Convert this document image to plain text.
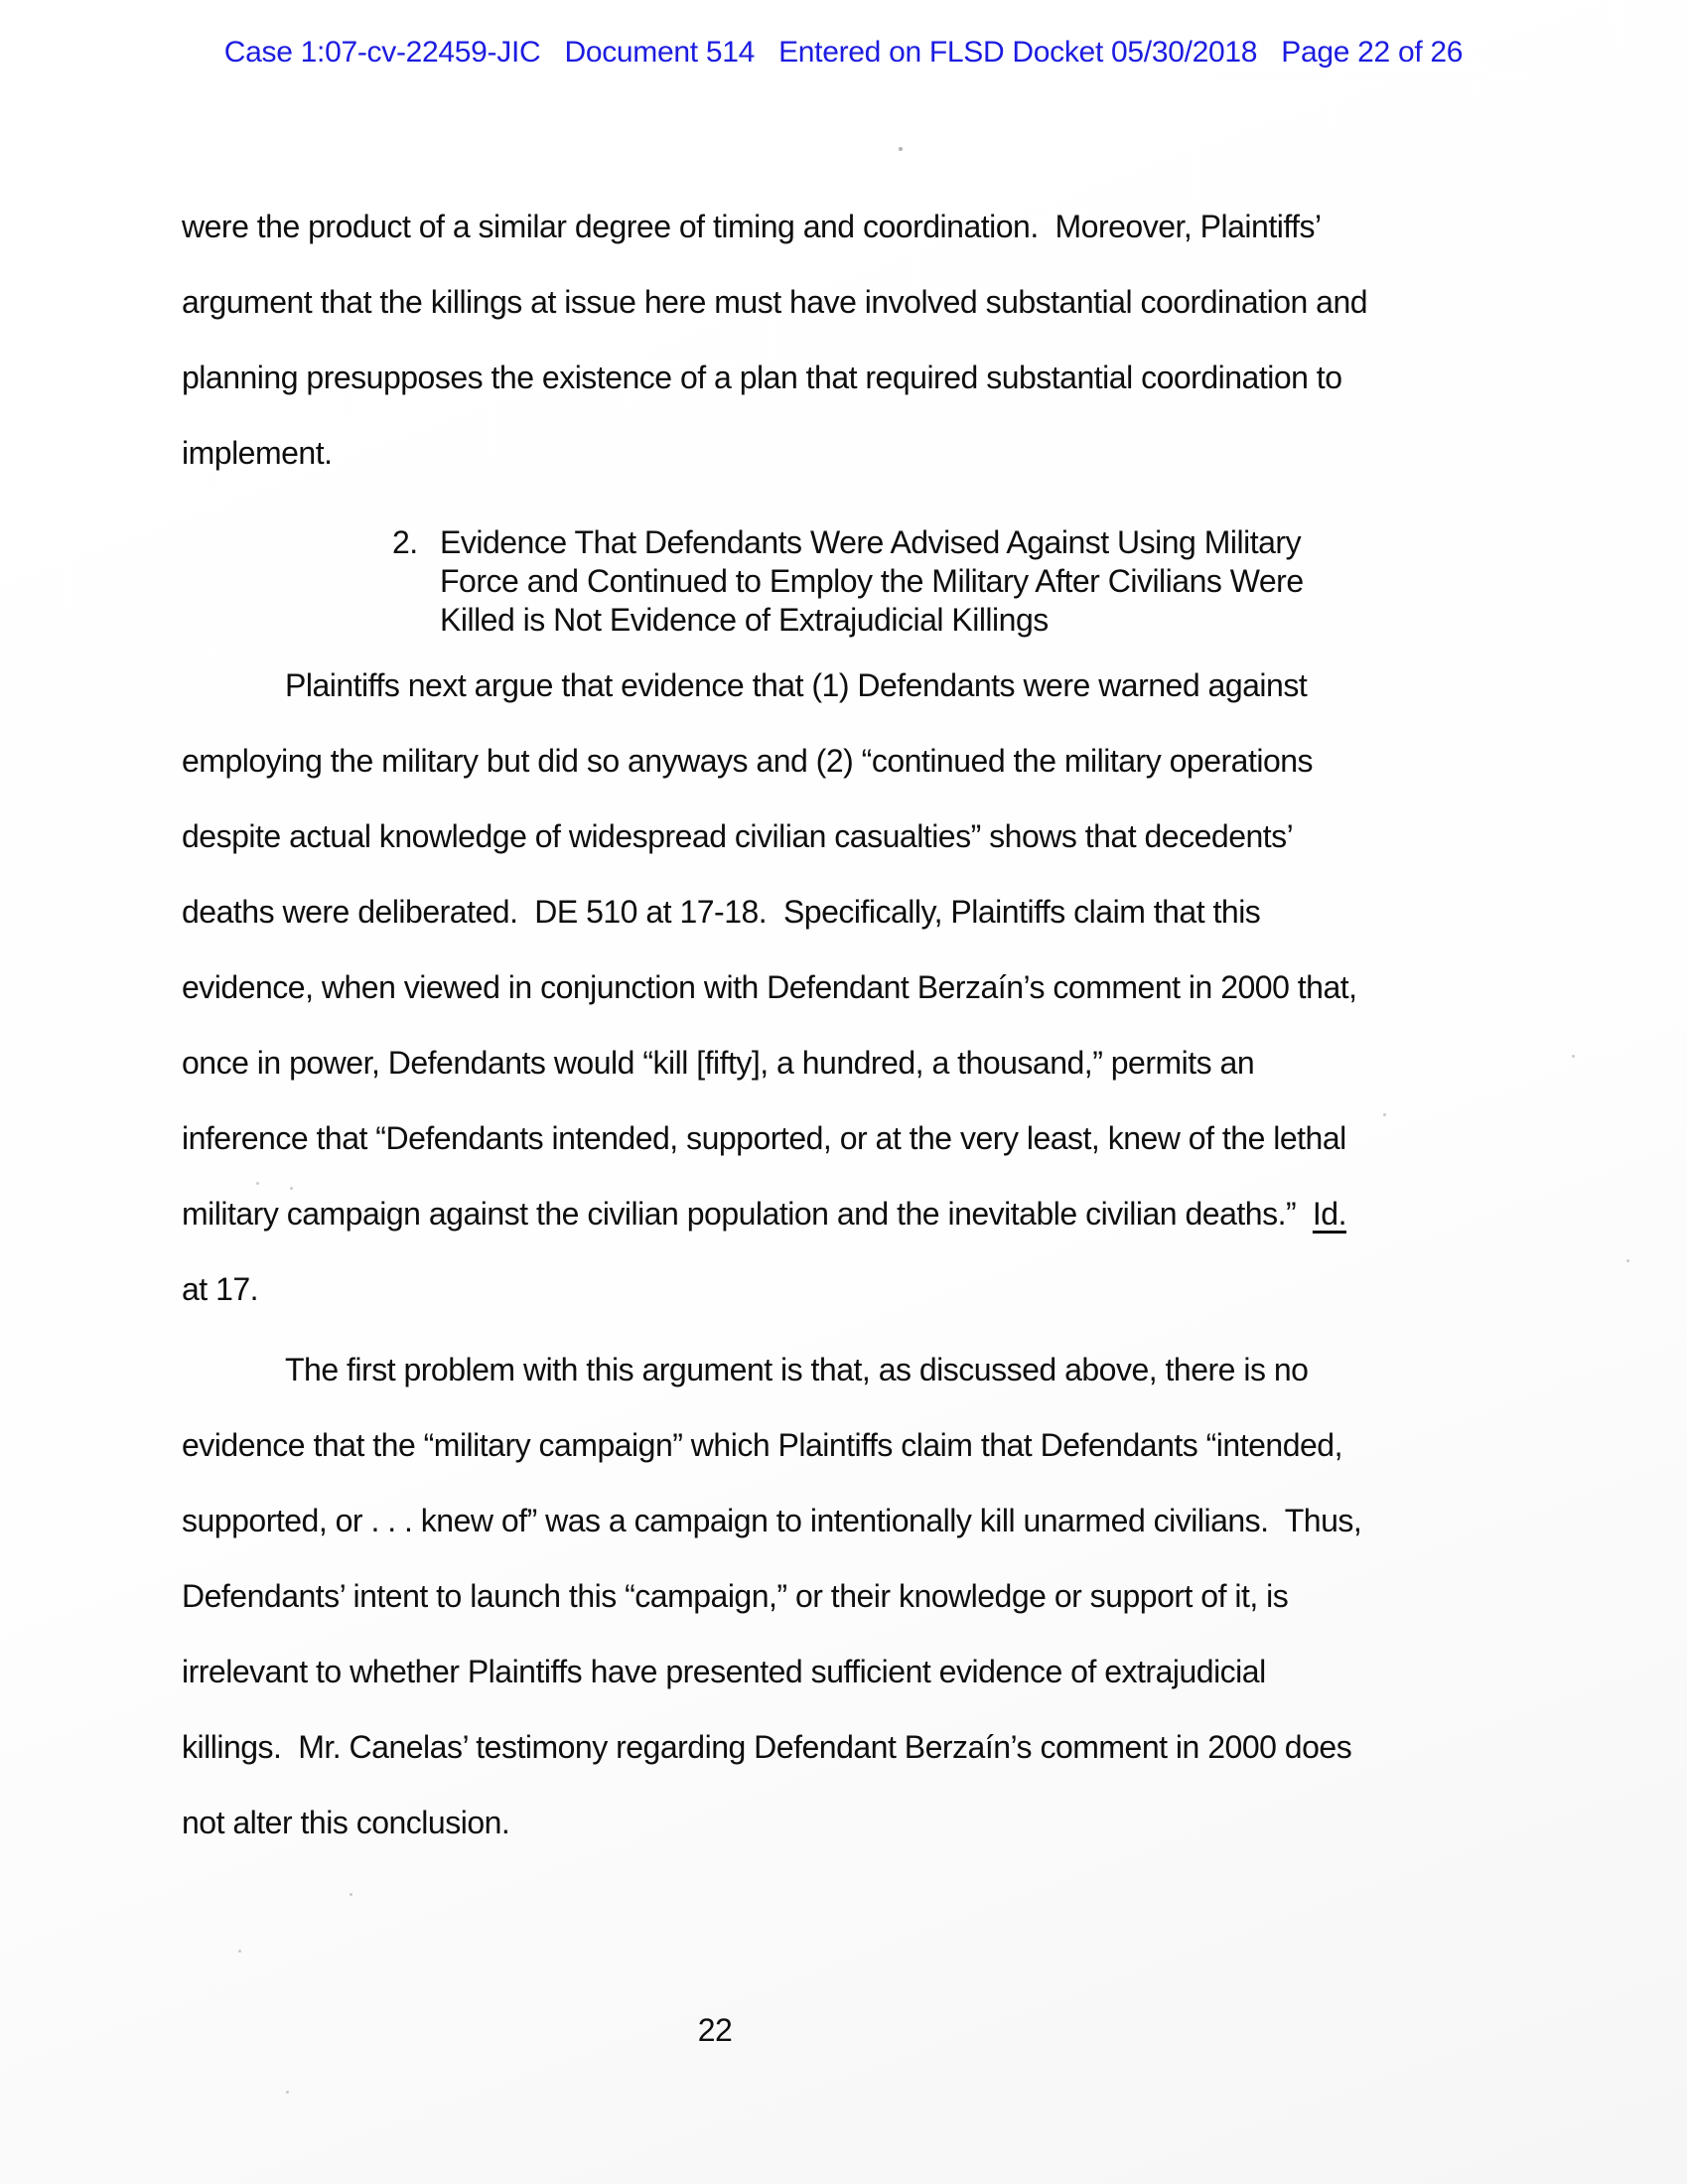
Case 1:07-cv-22459-JIC   Document 514   Entered on FLSD Docket 05/30/2018   Page 22 of 26
were the product of a similar degree of timing and coordination.  Moreover, Plaintiffs’
argument that the killings at issue here must have involved substantial coordination and
planning presupposes the existence of a plan that required substantial coordination to
implement.
2. Evidence That Defendants Were Advised Against Using Military
Force and Continued to Employ the Military After Civilians Were
Killed is Not Evidence of Extrajudicial Killings
Plaintiffs next argue that evidence that (1) Defendants were warned against
employing the military but did so anyways and (2) “continued the military operations
despite actual knowledge of widespread civilian casualties” shows that decedents’
deaths were deliberated.  DE 510 at 17-18.  Specifically, Plaintiffs claim that this
evidence, when viewed in conjunction with Defendant Berzaín’s comment in 2000 that,
once in power, Defendants would “kill [fifty], a hundred, a thousand,” permits an
inference that “Defendants intended, supported, or at the very least, knew of the lethal
military campaign against the civilian population and the inevitable civilian deaths.”  Id.
at 17.
The first problem with this argument is that, as discussed above, there is no
evidence that the “military campaign” which Plaintiffs claim that Defendants “intended,
supported, or . . . knew of” was a campaign to intentionally kill unarmed civilians.  Thus,
Defendants’ intent to launch this “campaign,” or their knowledge or support of it, is
irrelevant to whether Plaintiffs have presented sufficient evidence of extrajudicial
killings.  Mr. Canelas’ testimony regarding Defendant Berzaín’s comment in 2000 does
not alter this conclusion.
22
